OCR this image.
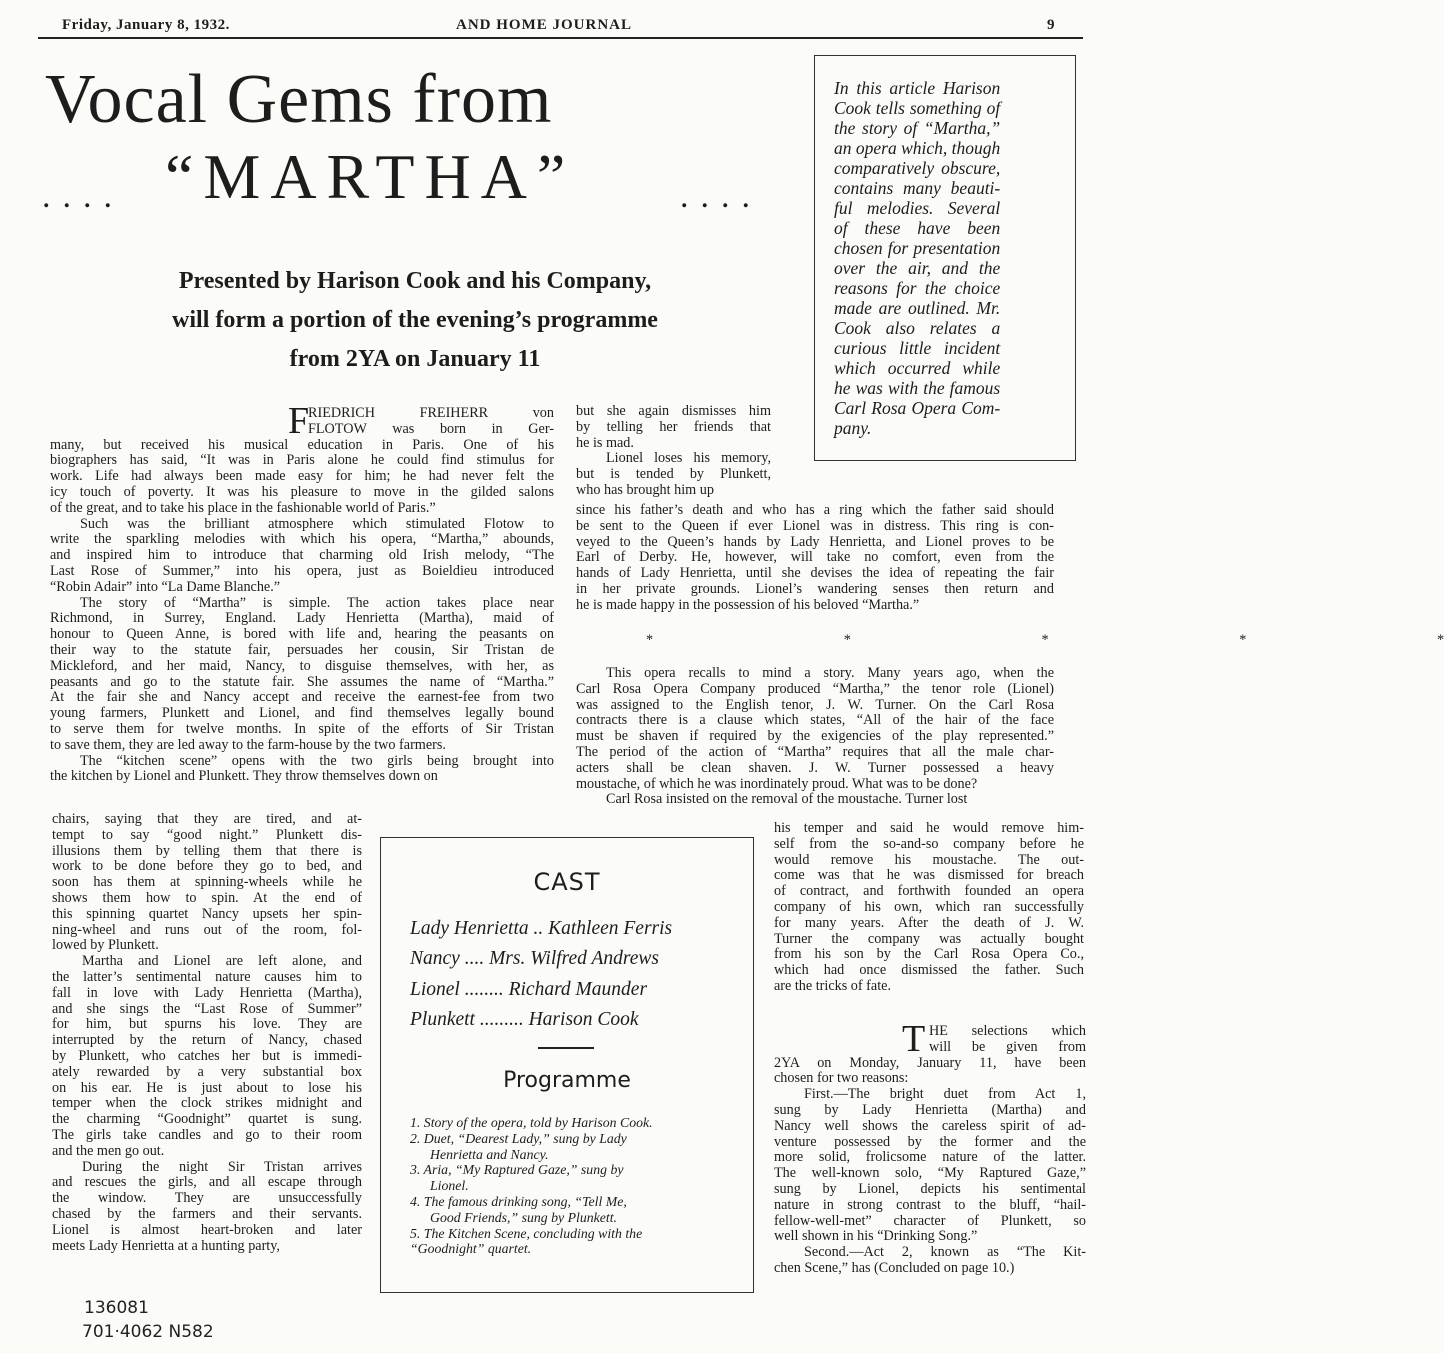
Friday, January 8, 1932.	AND HOME JOURNAL	9
Vocal Gems from
.... “MARTHA”	....
Presented by Harison Cook and his Company,
will form a portion of the evening’s programme
from 2YA on January 11
In this article Harison
Cook tells something of
the story of “Martha,”
an opera which, though
comparatively obscure,
contains many beauti-
ful melodies. Several
of these have been
chosen for presentation
over the air, and the
reasons for the choice
made are outlined. Mr.
Cook also relates a
curious little incident
which occurred while
he was with the famous
Carl Rosa Opera Com-
pany.
F
RIEDRICH FREIHERR von
FLOTOW was born in Ger-
many, but received his musical education in Paris. One of his
biographers has said, “It was in Paris alone he could find stimulus for
work. Life had always been made easy for him; he had never felt the
icy touch of poverty. It was his pleasure to move in the gilded salons
of the great, and to take his place in the fashionable world of Paris.”
Such was the brilliant atmosphere which stimulated Flotow to
write the sparkling melodies with which his opera, “Martha,” abounds,
and inspired him to introduce that charming old Irish melody, “The
Last Rose of Summer,” into his opera, just as Boieldieu introduced
“Robin Adair” into “La Dame Blanche.”
The story of “Martha” is simple. The action takes place near
Richmond, in Surrey, England. Lady Henrietta (Martha), maid of
honour to Queen Anne, is bored with life and, hearing the peasants on
their way to the statute fair, persuades her cousin, Sir Tristan de
Mickleford, and her maid, Nancy, to disguise themselves, with her, as
peasants and go to the statute fair. She assumes the name of “Martha.”
At the fair she and Nancy accept and receive the earnest-fee from two
young farmers, Plunkett and Lionel, and find themselves legally bound
to serve them for twelve months. In spite of the efforts of Sir Tristan
to save them, they are led away to the farm-house by the two farmers.
The “kitchen scene” opens with the two girls being brought into
the kitchen by Lionel and Plunkett. They throw themselves down on
chairs, saying that they are tired, and at-
tempt to say “good night.” Plunkett dis-
illusions them by telling them that there is
work to be done before they go to bed, and
soon has them at spinning-wheels while he
shows them how to spin. At the end of
this spinning quartet Nancy upsets her spin-
ning-wheel and runs out of the room, fol-
lowed by Plunkett.
Martha and Lionel are left alone, and
the latter’s sentimental nature causes him to
fall in love with Lady Henrietta (Martha),
and she sings the “Last Rose of Summer”
for him, but spurns his love. They are
interrupted by the return of Nancy, chased
by Plunkett, who catches her but is immedi-
ately rewarded by a very substantial box
on his ear. He is just about to lose his
temper when the clock strikes midnight and
the charming “Goodnight” quartet is sung.
The girls take candles and go to their room
and the men go out.
During the night Sir Tristan arrives
and rescues the girls, and all escape through
the window. They are unsuccessfully
chased by the farmers and their servants.
Lionel is almost heart-broken and later
meets Lady Henrietta at a hunting party,
but she again dismisses him
by telling her friends that
he is mad.
Lionel loses his memory,
but is tended by Plunkett,
who has brought him up
since his father’s death and who has a ring which the father said should
be sent to the Queen if ever Lionel was in distress. This ring is con-
veyed to the Queen’s hands by Lady Henrietta, and Lionel proves to be
Earl of Derby. He, however, will take no comfort, even from the
hands of Lady Henrietta, until she devises the idea of repeating the fair
in her private grounds. Lionel’s wandering senses then return and
he is made happy in the possession of his beloved “Martha.”
*   *   *   *   *
This opera recalls to mind a story. Many years ago, when the
Carl Rosa Opera Company produced “Martha,” the tenor role (Lionel)
was assigned to the English tenor, J. W. Turner. On the Carl Rosa
contracts there is a clause which states, “All of the hair of the face
must be shaven if required by the exigencies of the play represented.”
The period of the action of “Martha” requires that all the male char-
acters shall be clean shaven. J. W. Turner possessed a heavy
moustache, of which he was inordinately proud. What was to be done?
Carl Rosa insisted on the removal of the moustache. Turner lost
his temper and said he would remove him-
self from the so-and-so company before he
would remove his moustache. The out-
come was that he was dismissed for breach
of contract, and forthwith founded an opera
company of his own, which ran successfully
for many years. After the death of J. W.
Turner the company was actually bought
from his son by the Carl Rosa Opera Co.,
which had once dismissed the father. Such
are the tricks of fate.
T HE selections which
will be given from
2YA on Monday, January 11, have been
chosen for two reasons:
First.—The bright duet from Act 1,
sung by Lady Henrietta (Martha) and
Nancy well shows the careless spirit of ad-
venture possessed by the former and the
more solid, frolicsome nature of the latter.
The well-known solo, “My Raptured Gaze,”
sung by Lionel, depicts his sentimental
nature in strong contrast to the bluff, “hail-
fellow-well-met” character of Plunkett, so
well shown in his “Drinking Song.”
Second.—Act 2, known as “The Kit-
chen Scene,” has (Concluded on page 10.)
CAST
Lady Henrietta .. Kathleen Ferris
Nancy .... Mrs. Wilfred Andrews
Lionel ........ Richard Maunder
Plunkett ......... Harison Cook
Programme
1. Story of the opera, told by Harison Cook.
2. Duet, “Dearest Lady,” sung by Lady
Henrietta and Nancy.
3. Aria, “My Raptured Gaze,” sung by
Lionel.
4. The famous drinking song, “Tell Me,
Good Friends,” sung by Plunkett.
5. The Kitchen Scene, concluding with the
“Goodnight” quartet.
136081
701·4062 N582
